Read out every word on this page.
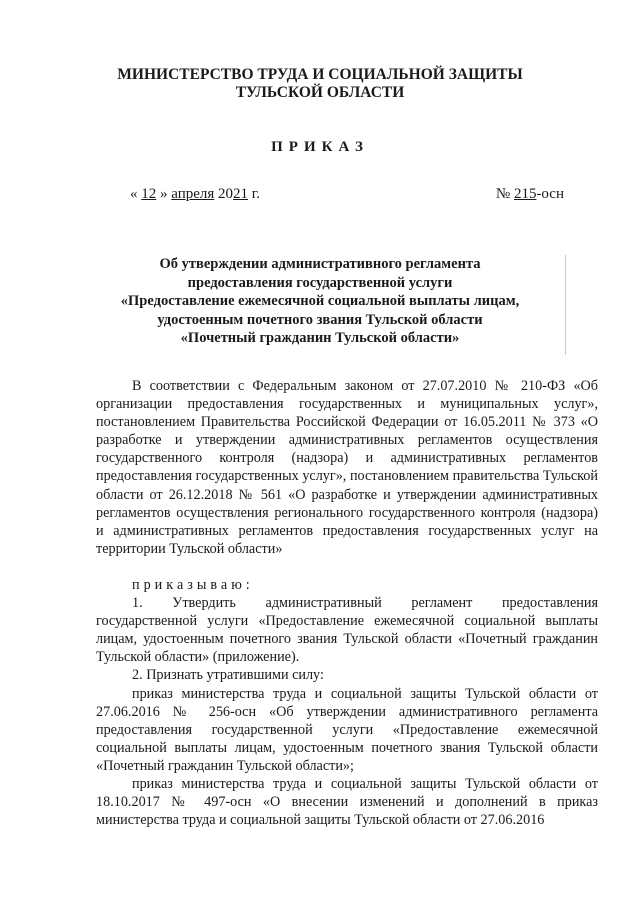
МИНИСТЕРСТВО ТРУДА И СОЦИАЛЬНОЙ ЗАЩИТЫ
ТУЛЬСКОЙ ОБЛАСТИ
ПРИКАЗ
« 12 » апреля 2021 г.	№ 215-осн
Об утверждении административного регламента
предоставления государственной услуги
«Предоставление ежемесячной социальной выплаты лицам,
удостоенным почетного звания Тульской области
«Почетный гражданин Тульской области»

В соответствии с Федеральным законом от 27.07.2010 № 210-ФЗ «Об организации предоставления государственных и муниципальных услуг», постановлением Правительства Российской Федерации от 16.05.2011 № 373 «О разработке и утверждении административных регламентов осуществления государственного контроля (надзора) и административных регламентов предоставления государственных услуг», постановлением правительства Тульской области от 26.12.2018 № 561 «О разработке и утверждении административных регламентов осуществления регионального государственного контроля (надзора) и административных регламентов предоставления государственных услуг на территории Тульской области»

приказываю:

1. Утвердить административный регламент предоставления государственной услуги «Предоставление ежемесячной социальной выплаты лицам, удостоенным почетного звания Тульской области «Почетный гражданин Тульской области» (приложение).

2. Признать утратившими силу:

приказ министерства труда и социальной защиты Тульской области от 27.06.2016 № 256-осн «Об утверждении административного регламента предоставления государственной услуги «Предоставление ежемесячной социальной выплаты лицам, удостоенным почетного звания Тульской области «Почетный гражданин Тульской области»;

приказ министерства труда и социальной защиты Тульской области от 18.10.2017 № 497-осн «О внесении изменений и дополнений в приказ министерства труда и социальной защиты Тульской области от 27.06.2016
